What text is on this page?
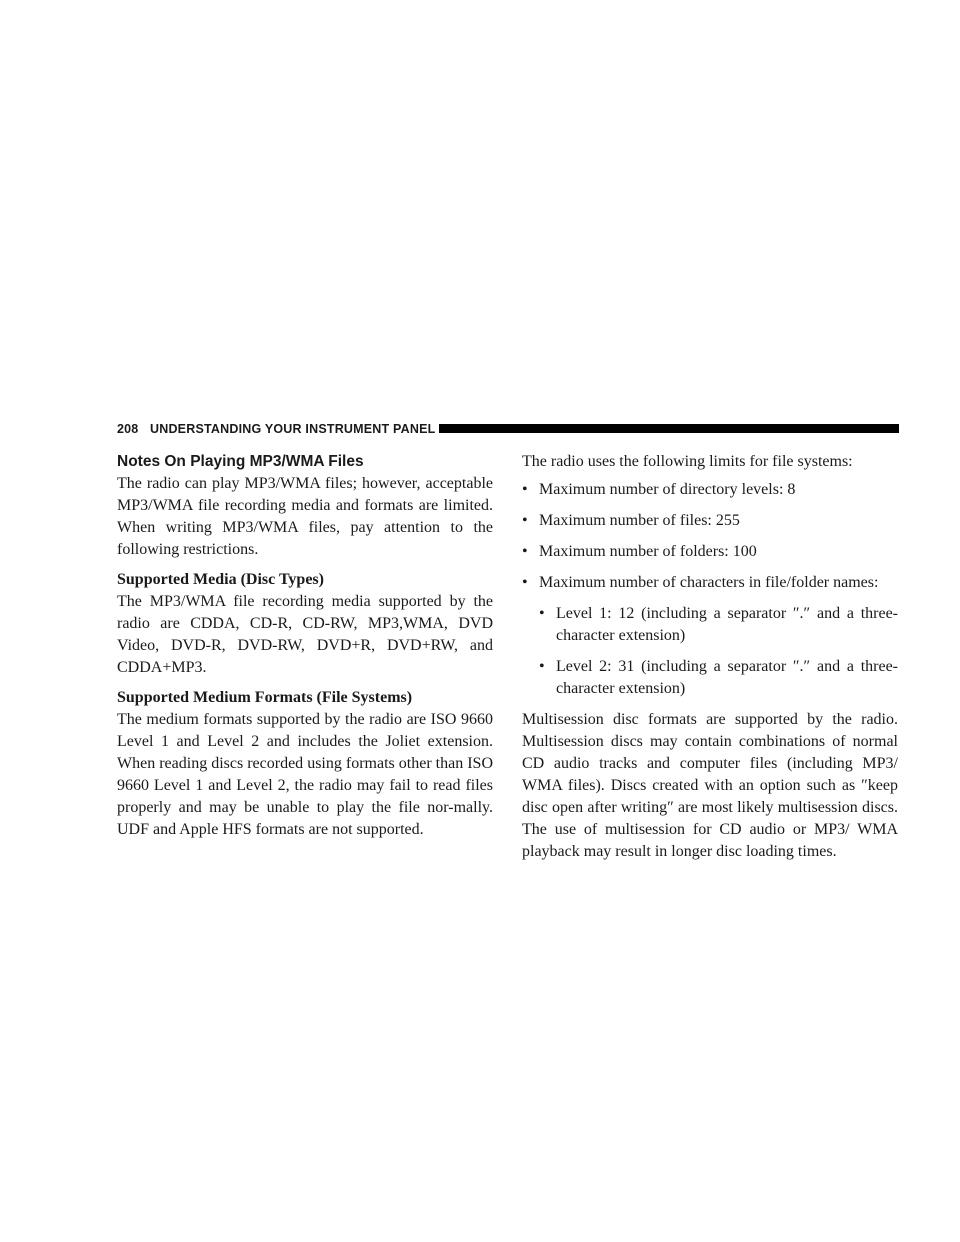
208 UNDERSTANDING YOUR INSTRUMENT PANEL
Notes On Playing MP3/WMA Files

The radio can play MP3/WMA files; however, acceptable MP3/WMA file recording media and formats are limited. When writing MP3/WMA files, pay attention to the following restrictions.

Supported Media (Disc Types)

The MP3/WMA file recording media supported by the radio are CDDA, CD-R, CD-RW, MP3,WMA, DVD Video, DVD-R, DVD-RW, DVD+R, DVD+RW, and CDDA+MP3.

Supported Medium Formats (File Systems)

The medium formats supported by the radio are ISO 9660 Level 1 and Level 2 and includes the Joliet extension. When reading discs recorded using formats other than ISO 9660 Level 1 and Level 2, the radio may fail to read files properly and may be unable to play the file nor-mally. UDF and Apple HFS formats are not supported.

The radio uses the following limits for file systems:

• Maximum number of directory levels: 8
• Maximum number of files: 255
• Maximum number of folders: 100
• Maximum number of characters in file/folder names:
• Level 1: 12 (including a separator ″.″ and a three-character extension)
• Level 2: 31 (including a separator ″.″ and a three-character extension)

Multisession disc formats are supported by the radio. Multisession discs may contain combinations of normal CD audio tracks and computer files (including MP3/ WMA files). Discs created with an option such as ″keep disc open after writing″ are most likely multisession discs. The use of multisession for CD audio or MP3/ WMA playback may result in longer disc loading times.
